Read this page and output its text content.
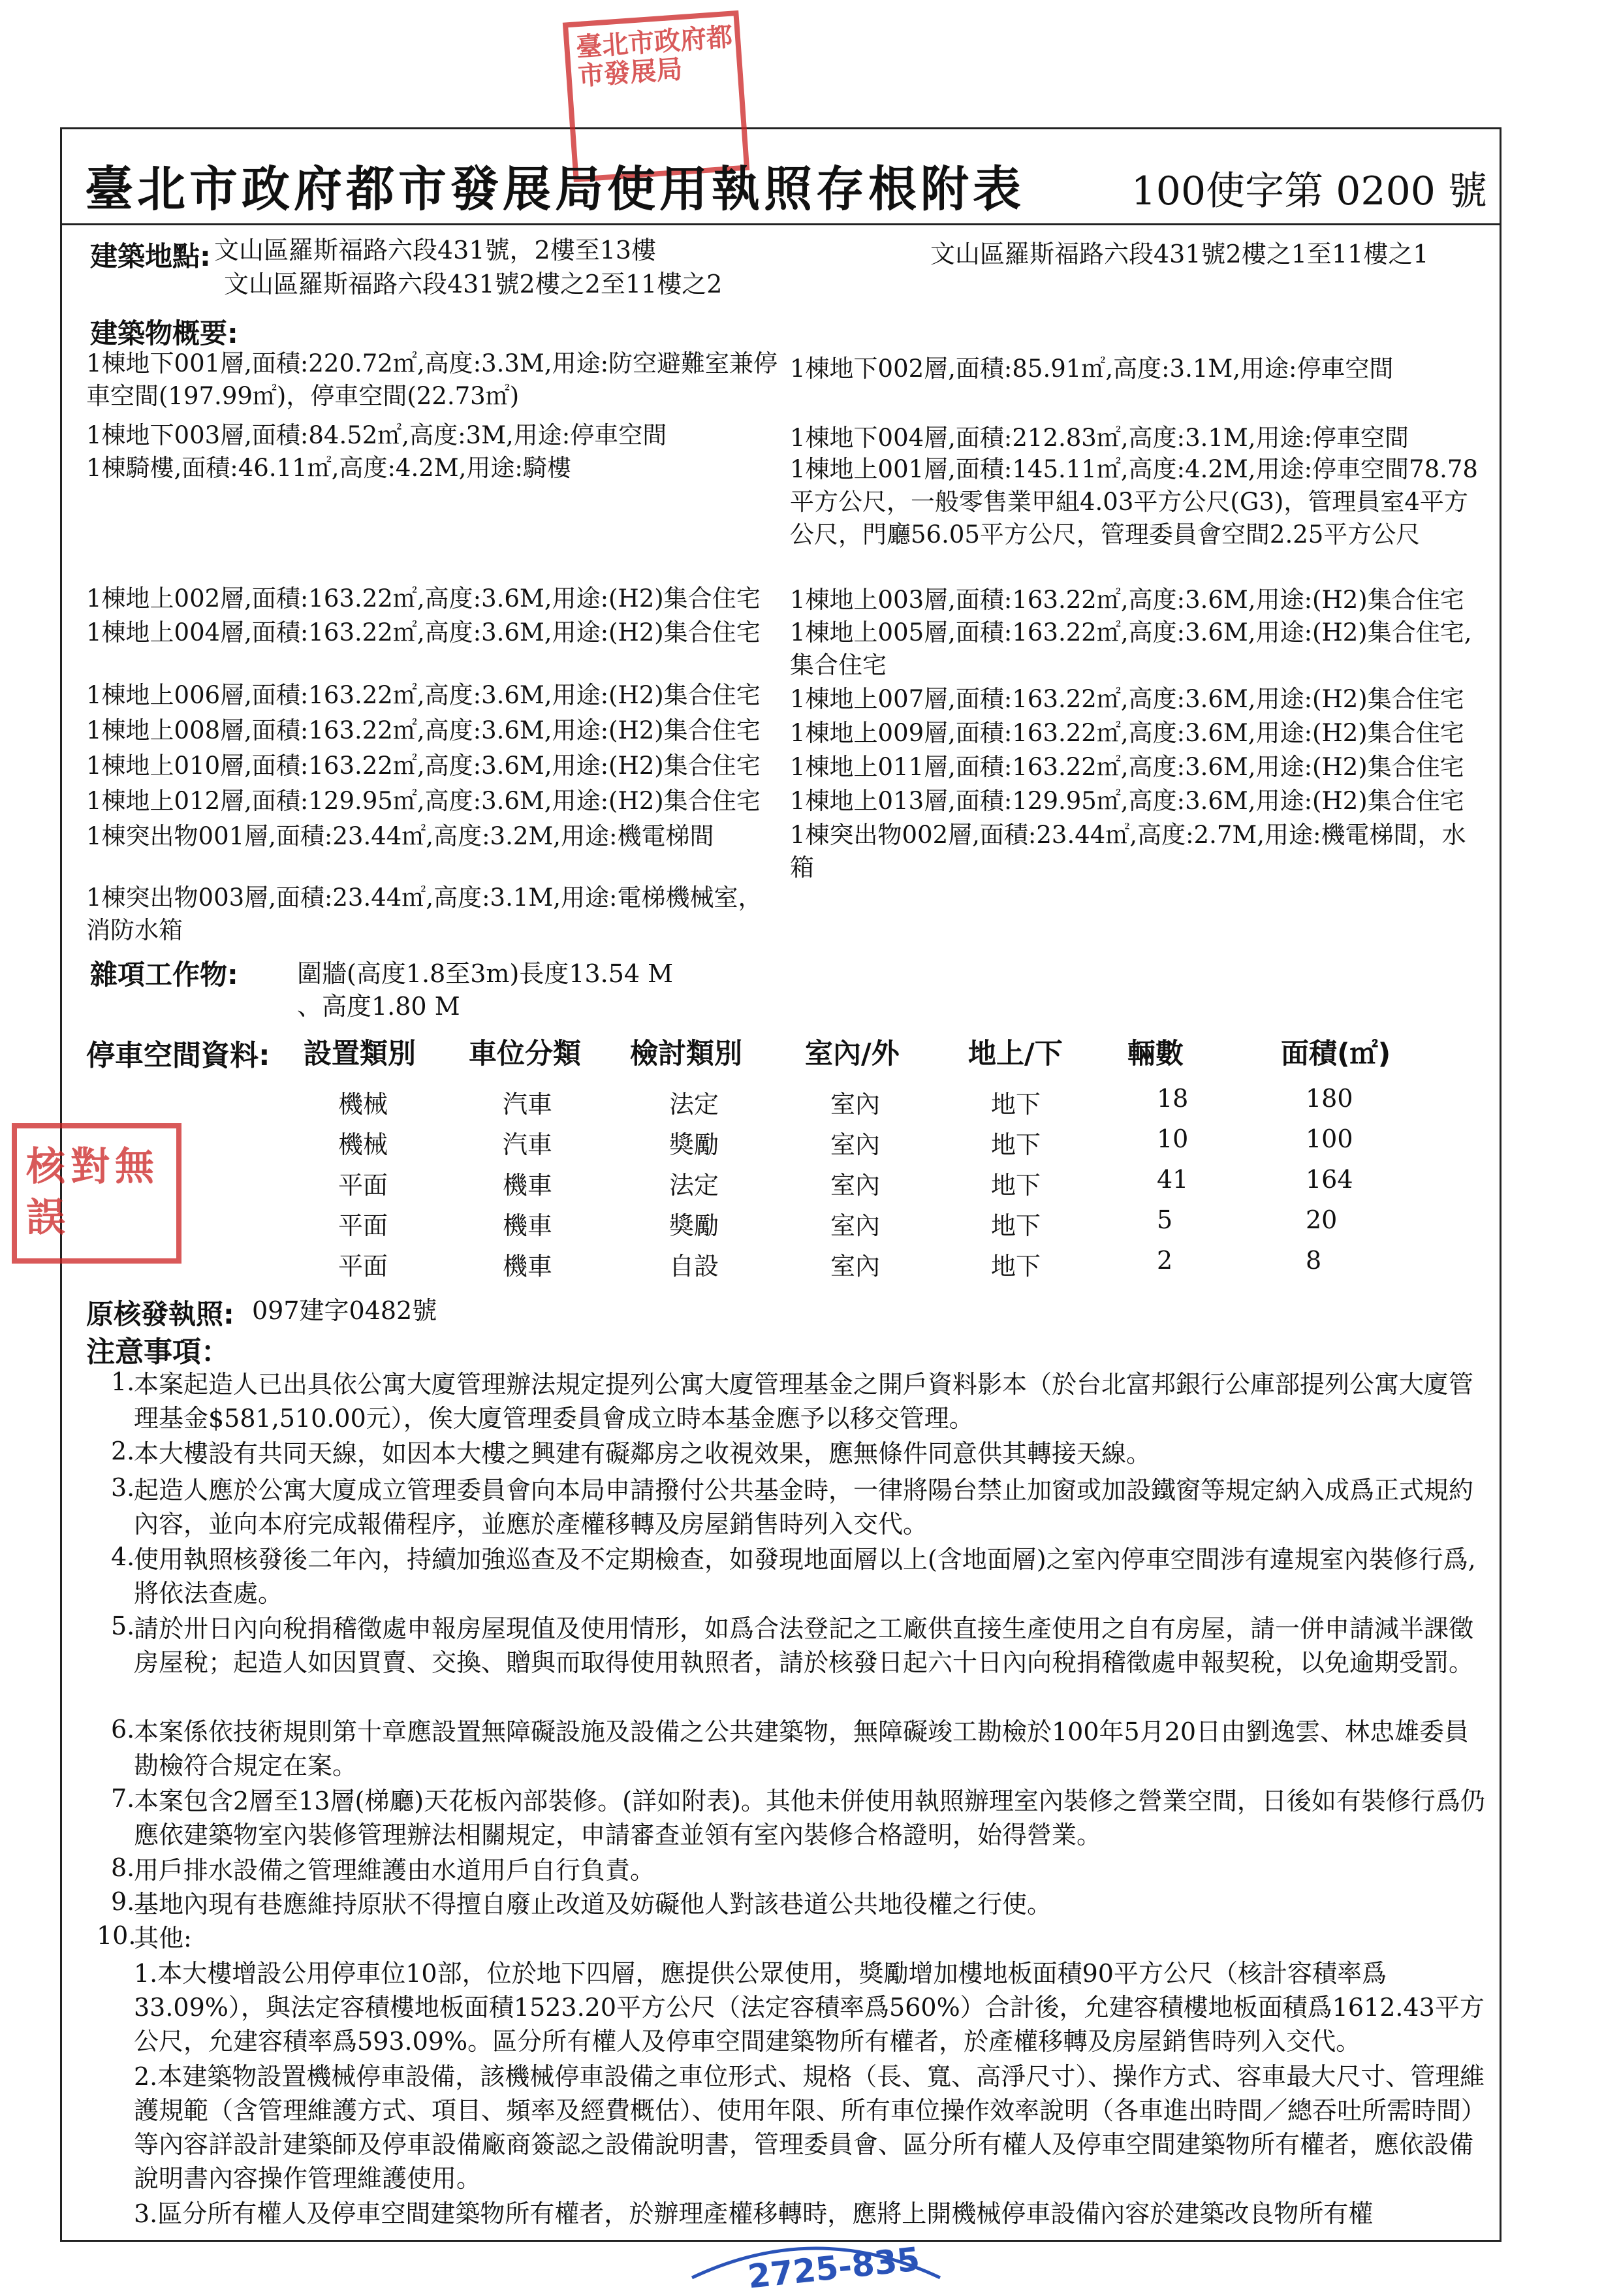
臺北市政府都市發展局
臺北市政府都市發展局使用執照存根附表	100使字第 0200 號
建築地點: 文山區羅斯福路六段431號，2樓至13樓
文山區羅斯福路六段431號2樓之2至11樓之2
文山區羅斯福路六段431號2樓之1至11樓之1
建築物概要:
1棟地下001層,面積:220.72㎡,高度:3.3M,用途:防空避難室兼停車空間(197.99㎡)，停車空間(22.73㎡)
1棟地下003層,面積:84.52㎡,高度:3M,用途:停車空間
1棟騎樓,面積:46.11㎡,高度:4.2M,用途:騎樓
1棟地上002層,面積:163.22㎡,高度:3.6M,用途:(H2)集合住宅
1棟地上004層,面積:163.22㎡,高度:3.6M,用途:(H2)集合住宅
1棟地上006層,面積:163.22㎡,高度:3.6M,用途:(H2)集合住宅
1棟地上008層,面積:163.22㎡,高度:3.6M,用途:(H2)集合住宅
1棟地上010層,面積:163.22㎡,高度:3.6M,用途:(H2)集合住宅
1棟地上012層,面積:129.95㎡,高度:3.6M,用途:(H2)集合住宅
1棟突出物001層,面積:23.44㎡,高度:3.2M,用途:機電梯間
1棟突出物003層,面積:23.44㎡,高度:3.1M,用途:電梯機械室，消防水箱
1棟地下002層,面積:85.91㎡,高度:3.1M,用途:停車空間
1棟地下004層,面積:212.83㎡,高度:3.1M,用途:停車空間
1棟地上001層,面積:145.11㎡,高度:4.2M,用途:停車空間78.78平方公尺，一般零售業甲組4.03平方公尺(G3)，管理員室4平方公尺，門廳56.05平方公尺，管理委員會空間2.25平方公尺
1棟地上003層,面積:163.22㎡,高度:3.6M,用途:(H2)集合住宅
1棟地上005層,面積:163.22㎡,高度:3.6M,用途:(H2)集合住宅,集合住宅
1棟地上007層,面積:163.22㎡,高度:3.6M,用途:(H2)集合住宅
1棟地上009層,面積:163.22㎡,高度:3.6M,用途:(H2)集合住宅
1棟地上011層,面積:163.22㎡,高度:3.6M,用途:(H2)集合住宅
1棟地上013層,面積:129.95㎡,高度:3.6M,用途:(H2)集合住宅
1棟突出物002層,面積:23.44㎡,高度:2.7M,用途:機電梯間，水箱
雜項工作物: 圍牆(高度1.8至3m)長度13.54 M
、高度1.80 M
停車空間資料: 設置類別 車位分類 檢討類別 室內/外 地上/下 輛數	面積(㎡)
機械	汽車	法定	室內	地下	18	180
機械	汽車	獎勵	室內	地下	10	100
平面	機車	法定	室內	地下	41	164
平面	機車	獎勵	室內	地下	5	20
平面	機車	自設	室內	地下	2	8
核對無誤
原核發執照: 097建字0482號
注意事項：
1.
本案起造人已出具依公寓大廈管理辦法規定提列公寓大廈管理基金之開戶資料影本（於台北富邦銀行公庫部提列公寓大廈管理基金$581,510.00元），俟大廈管理委員會成立時本基金應予以移交管理。
2.
本大樓設有共同天線，如因本大樓之興建有礙鄰房之收視效果，應無條件同意供其轉接天線。
3.
起造人應於公寓大廈成立管理委員會向本局申請撥付公共基金時，一律將陽台禁止加窗或加設鐵窗等規定納入成爲正式規約內容，並向本府完成報備程序，並應於產權移轉及房屋銷售時列入交代。
4.
使用執照核發後二年內，持續加強巡查及不定期檢查，如發現地面層以上(含地面層)之室內停車空間涉有違規室內裝修行爲,將依法查處。
5.
請於卅日內向稅捐稽徵處申報房屋現值及使用情形，如爲合法登記之工廠供直接生產使用之自有房屋，請一併申請減半課徵房屋稅；起造人如因買賣、交換、贈與而取得使用執照者，請於核發日起六十日內向稅捐稽徵處申報契稅，以免逾期受罰。
6.
本案係依技術規則第十章應設置無障礙設施及設備之公共建築物，無障礙竣工勘檢於100年5月20日由劉逸雲、林忠雄委員勘檢符合規定在案。
7.
本案包含2層至13層(梯廳)天花板內部裝修。(詳如附表)。其他未併使用執照辦理室內裝修之營業空間，日後如有裝修行爲仍應依建築物室內裝修管理辦法相關規定，申請審查並領有室內裝修合格證明，始得營業。
8.
用戶排水設備之管理維護由水道用戶自行負責。
9.
基地內現有巷應維持原狀不得擅自廢止改道及妨礙他人對該巷道公共地役權之行使。
10.
其他:
1.本大樓增設公用停車位10部，位於地下四層，應提供公眾使用，獎勵增加樓地板面積90平方公尺（核計容積率爲33.09%），與法定容積樓地板面積1523.20平方公尺（法定容積率爲560%）合計後，允建容積樓地板面積爲1612.43平方公尺，允建容積率爲593.09%。區分所有權人及停車空間建築物所有權者，於產權移轉及房屋銷售時列入交代。
2.本建築物設置機械停車設備，該機械停車設備之車位形式、規格（長、寬、高淨尺寸）、操作方式、容車最大尺寸、管理維護規範（含管理維護方式、項目、頻率及經費概估）、使用年限、所有車位操作效率說明（各車進出時間／總吞吐所需時間）等內容詳設計建築師及停車設備廠商簽認之設備說明書，管理委員會、區分所有權人及停車空間建築物所有權者，應依設備說明書內容操作管理維護使用。
3.區分所有權人及停車空間建築物所有權者，於辦理產權移轉時，應將上開機械停車設備內容於建築改良物所有權
2725-835
